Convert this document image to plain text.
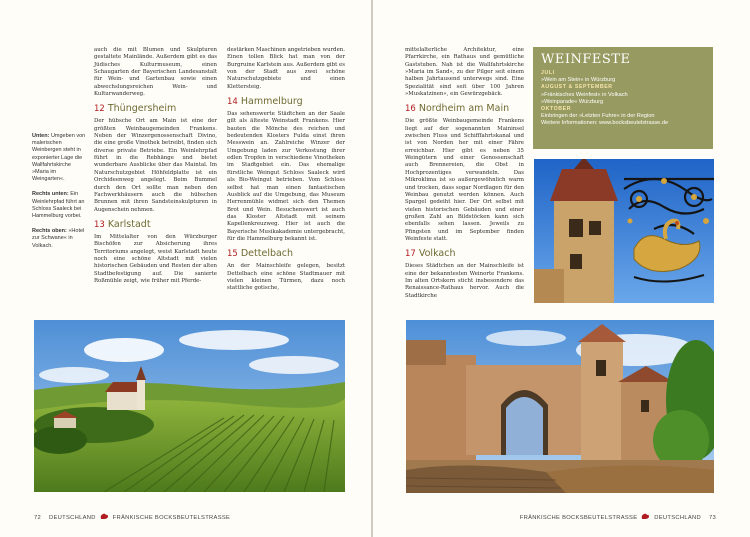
Unten: Umgeben von malerischen Weinbergen steht in exponierter Lage die Wallfahrtskirche »Maria im Weingarten«.

Rechts unten: Ein Weinlehrpfad führt an Schloss Saaleck bei Hammelburg vorbei.

Rechts oben: »Hotel zur Schwane« in Volkach.

auch die mit Blumen und Skulpturen gestaltete Mainlände. Außerdem gibt es das Jüdisches Kulturmuseum, einen Schaugarten der Bayerischen Landesanstalt für Wein- und Gartenbau sowie einen abwechslungsreichen Wein- und Kulturwanderweg.

12 Thüngersheim

Der hübsche Ort am Main ist eine der größten Weinbaugemeinden Frankens. Neben der Winzergenossenschaft Divino, die eine große Vinothek betreibt, finden sich diverse private Betriebe. Ein Weinlehrpfad führt in die Rebhänge und bietet wunderbare Ausblicke über das Maintal. Im Naturschutzgebiet Höhfeldplatte ist ein Orchideenweg angelegt. Beim Bummel durch den Ort sollte man neben den Fachwerkhäusern auch die hübschen Brunnen mit ihren Sandsteinskulpturen in Augenschein nehmen.

13 Karlstadt

Im Mittelalter von den Würzburger Bischöfen zur Absicherung ihres Territoriums angelegt, weist Karlstadt heute noch eine schöne Altstadt mit vielen historischen Gebäuden und Resten der alten Stadtbefestigung auf. Die sanierte Roßmühle zeigt, wie früher mit Pferde-

destärken Maschinen angetrieben wurden. Einen tollen Blick hat man von der Burgruine Karlstein aus. Außerdem gibt es von der Stadt aus zwei schöne Naturschutzgebiete und einen Klettersteig.

14 Hammelburg

Das sehenswerte Städtchen an der Saale gilt als älteste Weinstadt Frankens. Hier bauten die Mönche des reichen und bedeutenden Klosters Fulda einst ihren Messwein an. Zahlreiche Winzer der Umgebung laden zur Verkostung ihrer edlen Tropfen in verschiedene Vinotheken im Stadtgebiet ein. Das ehemalige fürstliche Weingut Schloss Saaleck wird als Bio-Weingut betrieben. Vom Schloss selbst hat man einen fantastischen Ausblick auf die Umgebung, das Museum Herrenmühle widmet sich den Themen Brot und Wein. Besuchenswert ist auch das Kloster Altstadt mit seinem Kapellenkreuzweg. Hier ist auch die Bayerische Musikakademie untergebracht, für die Hammelburg bekannt ist.

15 Dettelbach

An der Mainschleife gelegen, besitzt Dettelbach eine schöne Stadtmauer mit vielen kleinen Türmen, dazu noch stattliche gotische,

72 DEUTSCHLAND	FRÄNKISCHE BOCKSBEUTELSTRASSE

mittelalterliche Architektur, eine Pfarrkirche, ein Rathaus und gemütliche Gaststuben. Nah ist die Wallfahrtskirche »Maria im Sand«, zu der Pilger seit einem halben Jahrtausend unterwegs sind. Eine Spezialität sind seit über 100 Jahren »Muskatzinen«, ein Gewürzgebäck.

16 Nordheim am Main

Die größte Weinbaugemeinde Frankens liegt auf der sogenannten Maininsel zwischen Fluss und Schifffahrtskanal und ist von Norden her mit einer Fähre erreichbar. Hier gibt es neben 35 Weingütern und einer Genossenschaft auch Brennereien, die Obst in Hochprozentiges verwandeln. Das Mikroklima ist so außergewöhnlich warm und trocken, dass sogar Nordlagen für den Weinbau genutzt werden können. Auch Spargel gedeiht hier. Der Ort selbst mit vielen historischen Gebäuden und einer großen Zahl an Bildstöcken kann sich ebenfalls sehen lassen. Jeweils zu Pfingsten und im September finden Weinfeste statt.

17 Volkach

Dieses Städtchen an der Mainschleife ist eine der bekanntesten Weinorte Frankens. Im alten Ortskern sticht insbesondere das Renaissance-Rathaus hervor. Auch die Stadtkirche

WEINFESTE
JULI
»Wein am Stein« in Würzburg
AUGUST & SEPTEMBER
»Fränkisches Weinfest« in Volkach
»Weinparade« Würzburg
OKTOBER
Einbringen der »Letzten Fuhre« in der Region
Weitere Informationen: www.bocksbeutelstrasse.de
FRÄNKISCHE BOCKSBEUTELSTRASSE	DEUTSCHLAND 73
